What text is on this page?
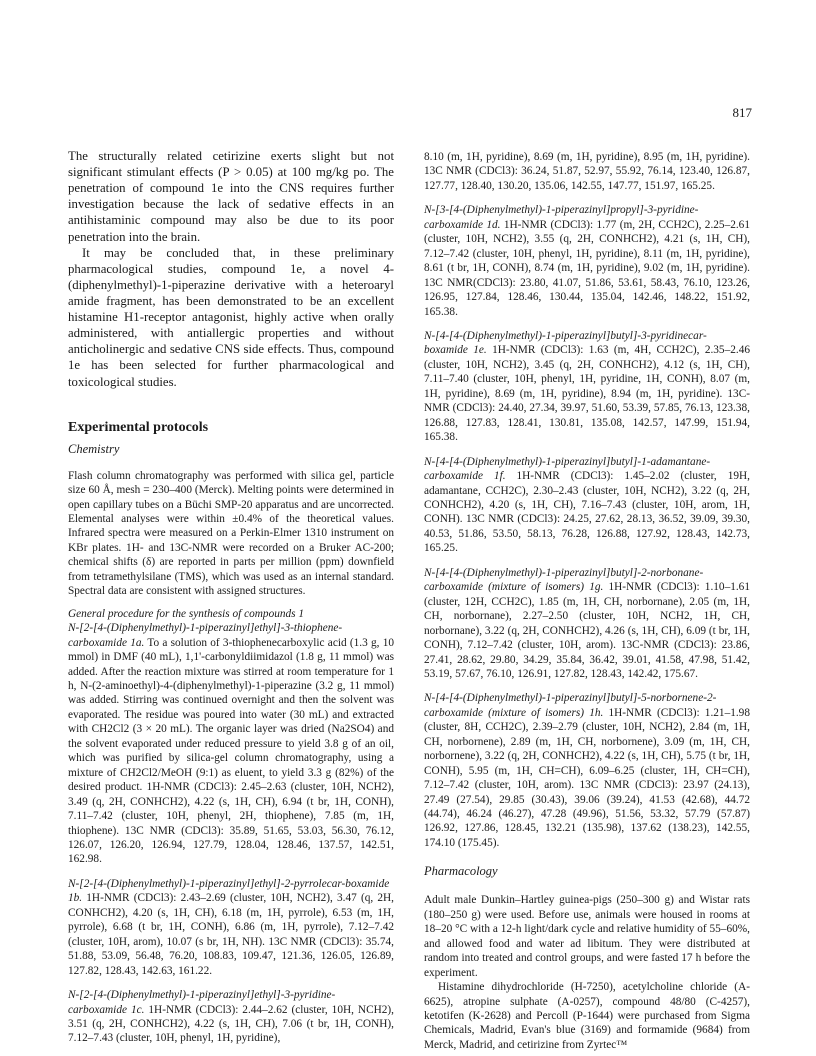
817

The structurally related cetirizine exerts slight but not significant stimulant effects (P > 0.05) at 100 mg/kg po. The penetration of compound 1e into the CNS requires further investigation because the lack of sedative effects in an antihistaminic compound may also be due to its poor penetration into the brain.

It may be concluded that, in these preliminary pharmacological studies, compound 1e, a novel 4-(diphenylmethyl)-1-piperazine derivative with a heteroaryl amide fragment, has been demonstrated to be an excellent histamine H1-receptor antagonist, highly active when orally administered, with antiallergic properties and without anticholinergic and sedative CNS side effects. Thus, compound 1e has been selected for further pharmacological and toxicological studies.

Experimental protocols
Chemistry

Flash column chromatography was performed with silica gel, particle size 60 Å, mesh = 230–400 (Merck). Melting points were determined in open capillary tubes on a Büchi SMP-20 apparatus and are uncorrected. Elemental analyses were within ±0.4% of the theoretical values. Infrared spectra were measured on a Perkin-Elmer 1310 instrument on KBr plates. 1H- and 13C-NMR were recorded on a Bruker AC-200; chemical shifts (δ) are reported in parts per million (ppm) downfield from tetramethylsilane (TMS), which was used as an internal standard. Spectral data are consistent with assigned structures.

General procedure for the synthesis of compounds 1

N-[2-[4-(Diphenylmethyl)-1-piperazinyl]ethyl]-3-thiophene-carboxamide 1a. To a solution of 3-thiophenecarboxylic acid (1.3 g, 10 mmol) in DMF (40 mL), 1,1'-carbonyldiimidazol (1.8 g, 11 mmol) was added. After the reaction mixture was stirred at room temperature for 1 h, N-(2-aminoethyl)-4-(diphenylmethyl)-1-piperazine (3.2 g, 11 mmol) was added. Stirring was continued overnight and then the solvent was evaporated. The residue was poured into water (30 mL) and extracted with CH2Cl2 (3 × 20 mL). The organic layer was dried (Na2SO4) and the solvent evaporated under reduced pressure to yield 3.8 g of an oil, which was purified by silica-gel column chromatography, using a mixture of CH2Cl2/MeOH (9:1) as eluent, to yield 3.3 g (82%) of the desired product. 1H-NMR (CDCl3): 2.45–2.63 (cluster, 10H, NCH2), 3.49 (q, 2H, CONHCH2), 4.22 (s, 1H, CH), 6.94 (t br, 1H, CONH), 7.11–7.42 (cluster, 10H, phenyl, 2H, thiophene), 7.85 (m, 1H, thiophene). 13C NMR (CDCl3): 35.89, 51.65, 53.03, 56.30, 76.12, 126.07, 126.20, 126.94, 127.79, 128.04, 128.46, 137.57, 142.51, 162.98.

N-[2-[4-(Diphenylmethyl)-1-piperazinyl]ethyl]-2-pyrrolecar-boxamide 1b. 1H-NMR (CDCl3): 2.43–2.69 (cluster, 10H, NCH2), 3.47 (q, 2H, CONHCH2), 4.20 (s, 1H, CH), 6.18 (m, 1H, pyrrole), 6.53 (m, 1H, pyrrole), 6.68 (t br, 1H, CONH), 6.86 (m, 1H, pyrrole), 7.12–7.42 (cluster, 10H, arom), 10.07 (s br, 1H, NH). 13C NMR (CDCl3): 35.74, 51.88, 53.09, 56.48, 76.20, 108.83, 109.47, 121.36, 126.05, 126.89, 127.82, 128.43, 142.63, 161.22.

N-[2-[4-(Diphenylmethyl)-1-piperazinyl]ethyl]-3-pyridine-carboxamide 1c. 1H-NMR (CDCl3): 2.44–2.62 (cluster, 10H, NCH2), 3.51 (q, 2H, CONHCH2), 4.22 (s, 1H, CH), 7.06 (t br, 1H, CONH), 7.12–7.43 (cluster, 10H, phenyl, 1H, pyridine),

8.10 (m, 1H, pyridine), 8.69 (m, 1H, pyridine), 8.95 (m, 1H, pyridine). 13C NMR (CDCl3): 36.24, 51.87, 52.97, 55.92, 76.14, 123.40, 126.87, 127.77, 128.40, 130.20, 135.06, 142.55, 147.77, 151.97, 165.25.

N-[3-[4-(Diphenylmethyl)-1-piperazinyl]propyl]-3-pyridine-carboxamide 1d. 1H-NMR (CDCl3): 1.77 (m, 2H, CCH2C), 2.25–2.61 (cluster, 10H, NCH2), 3.55 (q, 2H, CONHCH2), 4.21 (s, 1H, CH), 7.12–7.42 (cluster, 10H, phenyl, 1H, pyridine), 8.11 (m, 1H, pyridine), 8.61 (t br, 1H, CONH), 8.74 (m, 1H, pyridine), 9.02 (m, 1H, pyridine). 13C NMR(CDCl3): 23.80, 41.07, 51.86, 53.61, 58.43, 76.10, 123.26, 126.95, 127.84, 128.46, 130.44, 135.04, 142.46, 148.22, 151.92, 165.38.

N-[4-[4-(Diphenylmethyl)-1-piperazinyl]butyl]-3-pyridinecar-boxamide 1e. 1H-NMR (CDCl3): 1.63 (m, 4H, CCH2C), 2.35–2.46 (cluster, 10H, NCH2), 3.45 (q, 2H, CONHCH2), 4.12 (s, 1H, CH), 7.11–7.40 (cluster, 10H, phenyl, 1H, pyridine, 1H, CONH), 8.07 (m, 1H, pyridine), 8.69 (m, 1H, pyridine), 8.94 (m, 1H, pyridine). 13C-NMR (CDCl3): 24.40, 27.34, 39.97, 51.60, 53.39, 57.85, 76.13, 123.38, 126.88, 127.83, 128.41, 130.81, 135.08, 142.57, 147.99, 151.94, 165.38.

N-[4-[4-(Diphenylmethyl)-1-piperazinyl]butyl]-1-adamantane-carboxamide 1f. 1H-NMR (CDCl3): 1.45–2.02 (cluster, 19H, adamantane, CCH2C), 2.30–2.43 (cluster, 10H, NCH2), 3.22 (q, 2H, CONHCH2), 4.20 (s, 1H, CH), 7.16–7.43 (cluster, 10H, arom, 1H, CONH). 13C NMR (CDCl3): 24.25, 27.62, 28.13, 36.52, 39.09, 39.30, 40.53, 51.86, 53.50, 58.13, 76.28, 126.88, 127.92, 128.43, 142.73, 165.25.

N-[4-[4-(Diphenylmethyl)-1-piperazinyl]butyl]-2-norbonane-carboxamide (mixture of isomers) 1g. 1H-NMR (CDCl3): 1.10–1.61 (cluster, 12H, CCH2C), 1.85 (m, 1H, CH, norbornane), 2.05 (m, 1H, CH, norbornane), 2.27–2.50 (cluster, 10H, NCH2, 1H, CH, norbornane), 3.22 (q, 2H, CONHCH2), 4.26 (s, 1H, CH), 6.09 (t br, 1H, CONH), 7.12–7.42 (cluster, 10H, arom). 13C-NMR (CDCl3): 23.86, 27.41, 28.62, 29.80, 34.29, 35.84, 36.42, 39.01, 41.58, 47.98, 51.42, 53.19, 57.67, 76.10, 126.91, 127.82, 128.43, 142.42, 175.67.

N-[4-[4-(Diphenylmethyl)-1-piperazinyl]butyl]-5-norbornene-2-carboxamide (mixture of isomers) 1h. 1H-NMR (CDCl3): 1.21–1.98 (cluster, 8H, CCH2C), 2.39–2.79 (cluster, 10H, NCH2), 2.84 (m, 1H, CH, norbornene), 2.89 (m, 1H, CH, norbornene), 3.09 (m, 1H, CH, norbornene), 3.22 (q, 2H, CONHCH2), 4.22 (s, 1H, CH), 5.75 (t br, 1H, CONH), 5.95 (m, 1H, CH=CH), 6.09–6.25 (cluster, 1H, CH=CH), 7.12–7.42 (cluster, 10H, arom). 13C NMR (CDCl3): 23.97 (24.13), 27.49 (27.54), 29.85 (30.43), 39.06 (39.24), 41.53 (42.68), 44.72 (44.74), 46.24 (46.27), 47.28 (49.96), 51.56, 53.32, 57.79 (57.87) 126.92, 127.86, 128.45, 132.21 (135.98), 137.62 (138.23), 142.55, 174.10 (175.45).

Pharmacology

Adult male Dunkin–Hartley guinea-pigs (250–300 g) and Wistar rats (180–250 g) were used. Before use, animals were housed in rooms at 18–20 °C with a 12-h light/dark cycle and relative humidity of 55–60%, and allowed food and water ad libitum. They were distributed at random into treated and control groups, and were fasted 17 h before the experiment.

Histamine dihydrochloride (H-7250), acetylcholine chloride (A-6625), atropine sulphate (A-0257), compound 48/80 (C-4257), ketotifen (K-2628) and Percoll (P-1644) were purchased from Sigma Chemicals, Madrid, Evan's blue (3169) and formamide (9684) from Merck, Madrid, and cetirizine from Zyrtec™
